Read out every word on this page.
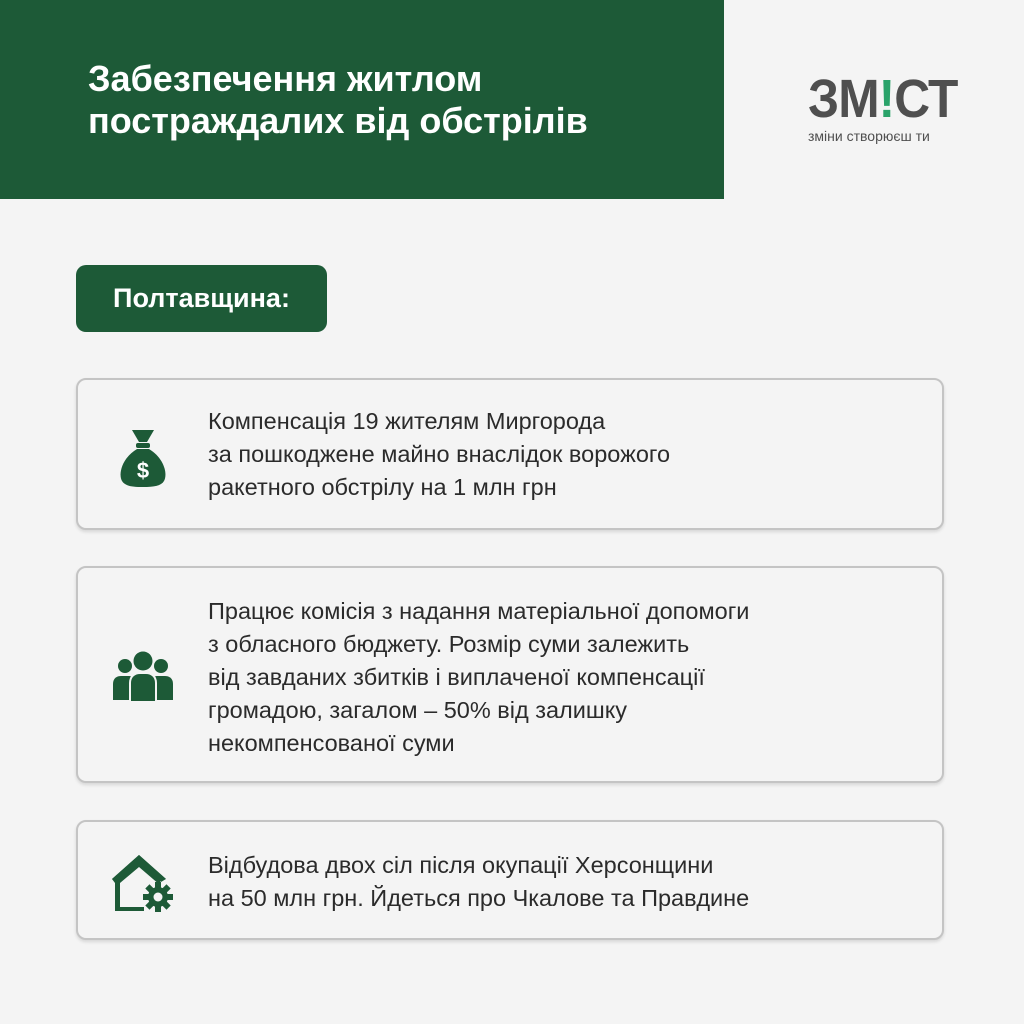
Забезпечення житлом
постраждалих від обстрілів	ЗМ!СТ
зміни створюєш ти
Полтавщина:
$

Компенсація 19 жителям Миргорода
за пошкоджене майно внаслідок ворожого
ракетного обстрілу на 1 млн грн

Працює комісія з надання матеріальної допомоги
з обласного бюджету. Розмір суми залежить
від завданих збитків і виплаченої компенсації
громадою, загалом – 50% від залишку
некомпенсованої суми

Відбудова двох сіл після окупації Херсонщини
на 50 млн грн. Йдеться про Чкалове та Правдине
